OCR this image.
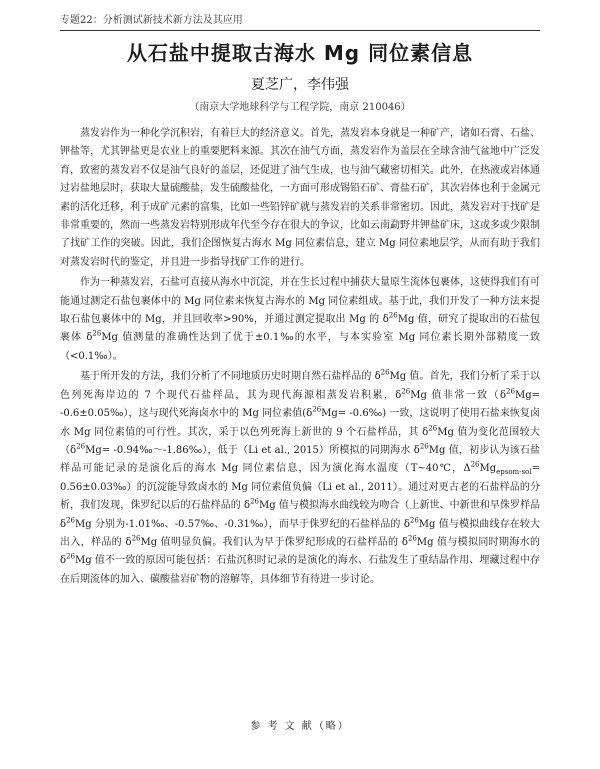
专题22：分析测试新技术新方法及其应用
从石盐中提取古海水 Mg 同位素信息
夏芝广，李伟强
（南京大学地球科学与工程学院，南京 210046）

蒸发岩作为一种化学沉积岩，有着巨大的经济意义。首先，蒸发岩本身就是一种矿产，诸如石膏、石盐、钾盐等，尤其钾盐更是农业上的重要肥料来源。其次在油气方面，蒸发岩作为盖层在全球含油气盆地中广泛发育，致密的蒸发岩不仅是油气良好的盖层，还促进了油气生成，也与油气藏密切相关。此外，在热液或岩体通过岩盐地层时，获取大量硫酸盐，发生硫酸盐化，一方面可形成锡铅石矿、膏盐石矿，其次岩体也利于金属元素的活化迁移，利于成矿元素的富集，比如一些铅锌矿就与蒸发岩的关系非常密切。因此，蒸发岩对于找矿是非常重要的，然而一些蒸发岩特别形成年代至今存在很大的争议，比如云南勐野井钾盐矿床，这或多或少限制了找矿工作的突破。因此，我们企图恢复古海水 Mg 同位素信息，建立 Mg 同位素地层学，从而有助于我们对蒸发岩时代的鉴定，并且进一步指导找矿工作的进行。

作为一种蒸发岩，石盐可直接从海水中沉淀，并在生长过程中捕获大量原生流体包裹体，这使得我们有可能通过测定石盐包裹体中的 Mg 同位素来恢复古海水的 Mg 同位素组成。基于此，我们开发了一种方法来提取石盐包裹体中的 Mg，并且回收率>90%，并通过测定提取出 Mg 的 $\delta^{26}Mg$ 值，研究了提取出的石盐包裹体 $\delta^{26}Mg$ 值测量的准确性达到了优于±0.1‰的水平，与本实验室 Mg 同位素长期外部精度一致（<0.1‰）。

基于所开发的方法，我们分析了不同地质历史时期自然石盐样品的 $\delta^{26}Mg$ 值。首先，我们分析了采于以色列死海岸边的 7 个现代石盐样品，其为现代海源相蒸发岩积累，$\delta^{26}Mg$ 值非常一致（$\delta^{26}Mg=$ -0.6±0.05‰），这与现代死海卤水中的 Mg 同位素值($\delta^{26}Mg=$ -0.6‰) 一致，这说明了使用石盐来恢复卤水 Mg 同位素值的可行性。其次，采于以色列死海上新世的 9 个石盐样品，其 $\delta^{26}Mg$ 值为变化范围较大（$\delta^{26}Mg=$ -0.94‰～-1.86‰），低于（Li et al., 2015）所模拟的同期海水 $\delta^{26}Mg$ 值，初步认为该石盐样品可能记录的是演化后的海水 Mg 同位素信息，因为演化海水温度（T~40℃，$\Delta^{26}Mg_{epsom-sol}=$ 0.56±0.03‰）的沉淀能导致卤水的 Mg 同位素值负偏（Li et al., 2011）。通过对更古老的石盐样品的分析，我们发现，侏罗纪以后的石盐样品的 $\delta^{26}Mg$ 值与模拟海水曲线较为吻合（上新世、中新世和早侏罗样品 $\delta^{26}Mg$ 分别为-1.01‰、-0.57‰、-0.31‰），而早于侏罗纪的石盐样品的 $\delta^{26}Mg$ 值与模拟曲线存在较大出入，样品的 $\delta^{26}Mg$ 值明显负偏。我们认为早于侏罗纪形成的石盐样品的 $\delta^{26}Mg$ 值与模拟同时期海水的 $\delta^{26}Mg$ 值不一致的原因可能包括：石盐沉积时记录的是演化的海水、石盐发生了重结晶作用、埋藏过程中存在后期流体的加入、碳酸盐岩矿物的溶解等，具体细节有待进一步讨论。

参 考 文 献（略）
